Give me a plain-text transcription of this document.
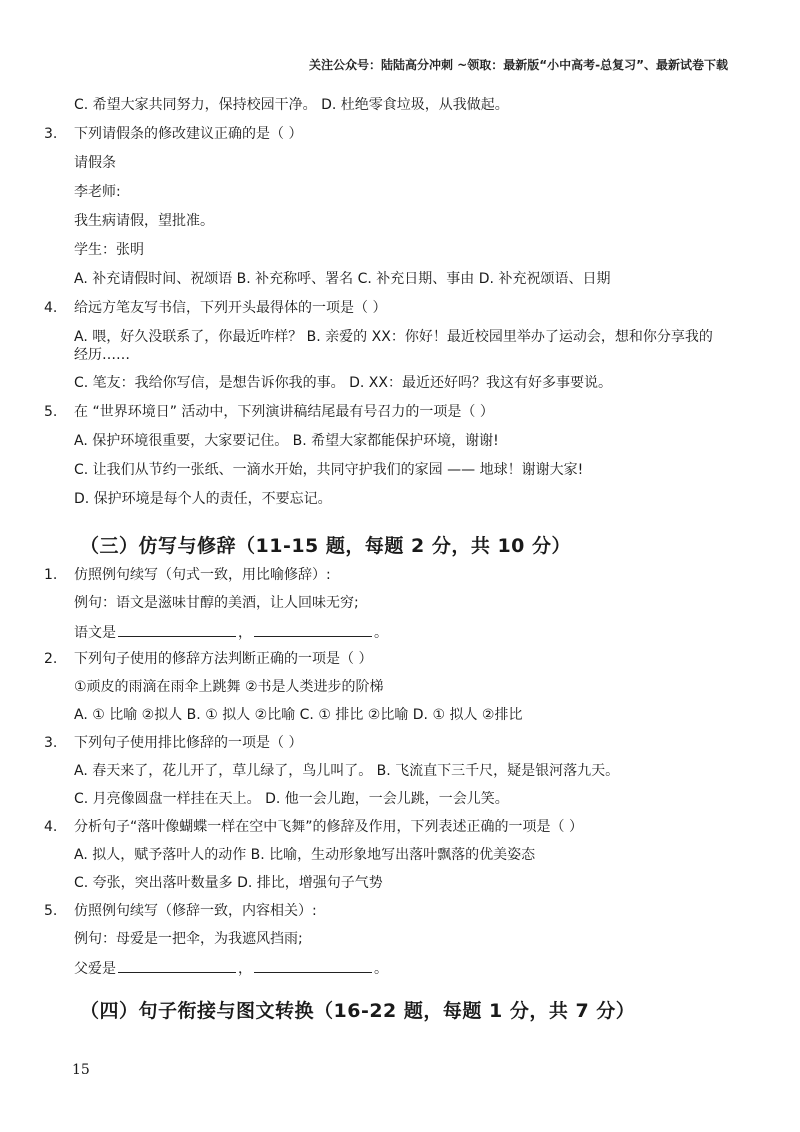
关注公众号：陆陆高分冲刺 ~领取：最新版“小中高考-总复习”、最新试卷下载
C. 希望大家共同努力，保持校园干净。 D. 杜绝零食垃圾，从我做起。
3. 下列请假条的修改建议正确的是（ ）
请假条
李老师:
我生病请假，望批准。
学生：张明
A. 补充请假时间、祝颂语 B. 补充称呼、署名 C. 补充日期、事由 D. 补充祝颂语、日期
4. 给远方笔友写书信，下列开头最得体的一项是（ ）
A. 喂，好久没联系了，你最近咋样？ B. 亲爱的 XX：你好！最近校园里举办了运动会，想和你分享我的经历……
C. 笔友：我给你写信，是想告诉你我的事。 D. XX：最近还好吗？我这有好多事要说。
5. 在 “世界环境日” 活动中，下列演讲稿结尾最有号召力的一项是（ ）
A. 保护环境很重要，大家要记住。 B. 希望大家都能保护环境，谢谢!
C. 让我们从节约一张纸、一滴水开始，共同守护我们的家园 —— 地球！谢谢大家!
D. 保护环境是每个人的责任，不要忘记。
（三）仿写与修辞（11-15 题，每题 2 分，共 10 分）
1. 仿照例句续写（句式一致，用比喻修辞）:
例句：语文是滋味甘醇的美酒，让人回味无穷;
语文是	，	。
2. 下列句子使用的修辞方法判断正确的一项是（ ）
①顽皮的雨滴在雨伞上跳舞 ②书是人类进步的阶梯
A. ① 比喻 ②拟人 B. ① 拟人 ②比喻 C. ① 排比 ②比喻 D. ① 拟人 ②排比
3. 下列句子使用排比修辞的一项是（ ）
A. 春天来了，花儿开了，草儿绿了，鸟儿叫了。 B. 飞流直下三千尺，疑是银河落九天。
C. 月亮像圆盘一样挂在天上。 D. 他一会儿跑，一会儿跳，一会儿笑。
4. 分析句子“落叶像蝴蝶一样在空中飞舞”的修辞及作用，下列表述正确的一项是（ ）
A. 拟人，赋予落叶人的动作 B. 比喻，生动形象地写出落叶飘落的优美姿态
C. 夸张，突出落叶数量多 D. 排比，增强句子气势
5. 仿照例句续写（修辞一致，内容相关）:
例句：母爱是一把伞，为我遮风挡雨;
父爱是	，	。
（四）句子衔接与图文转换（16-22 题，每题 1 分，共 7 分）
15
